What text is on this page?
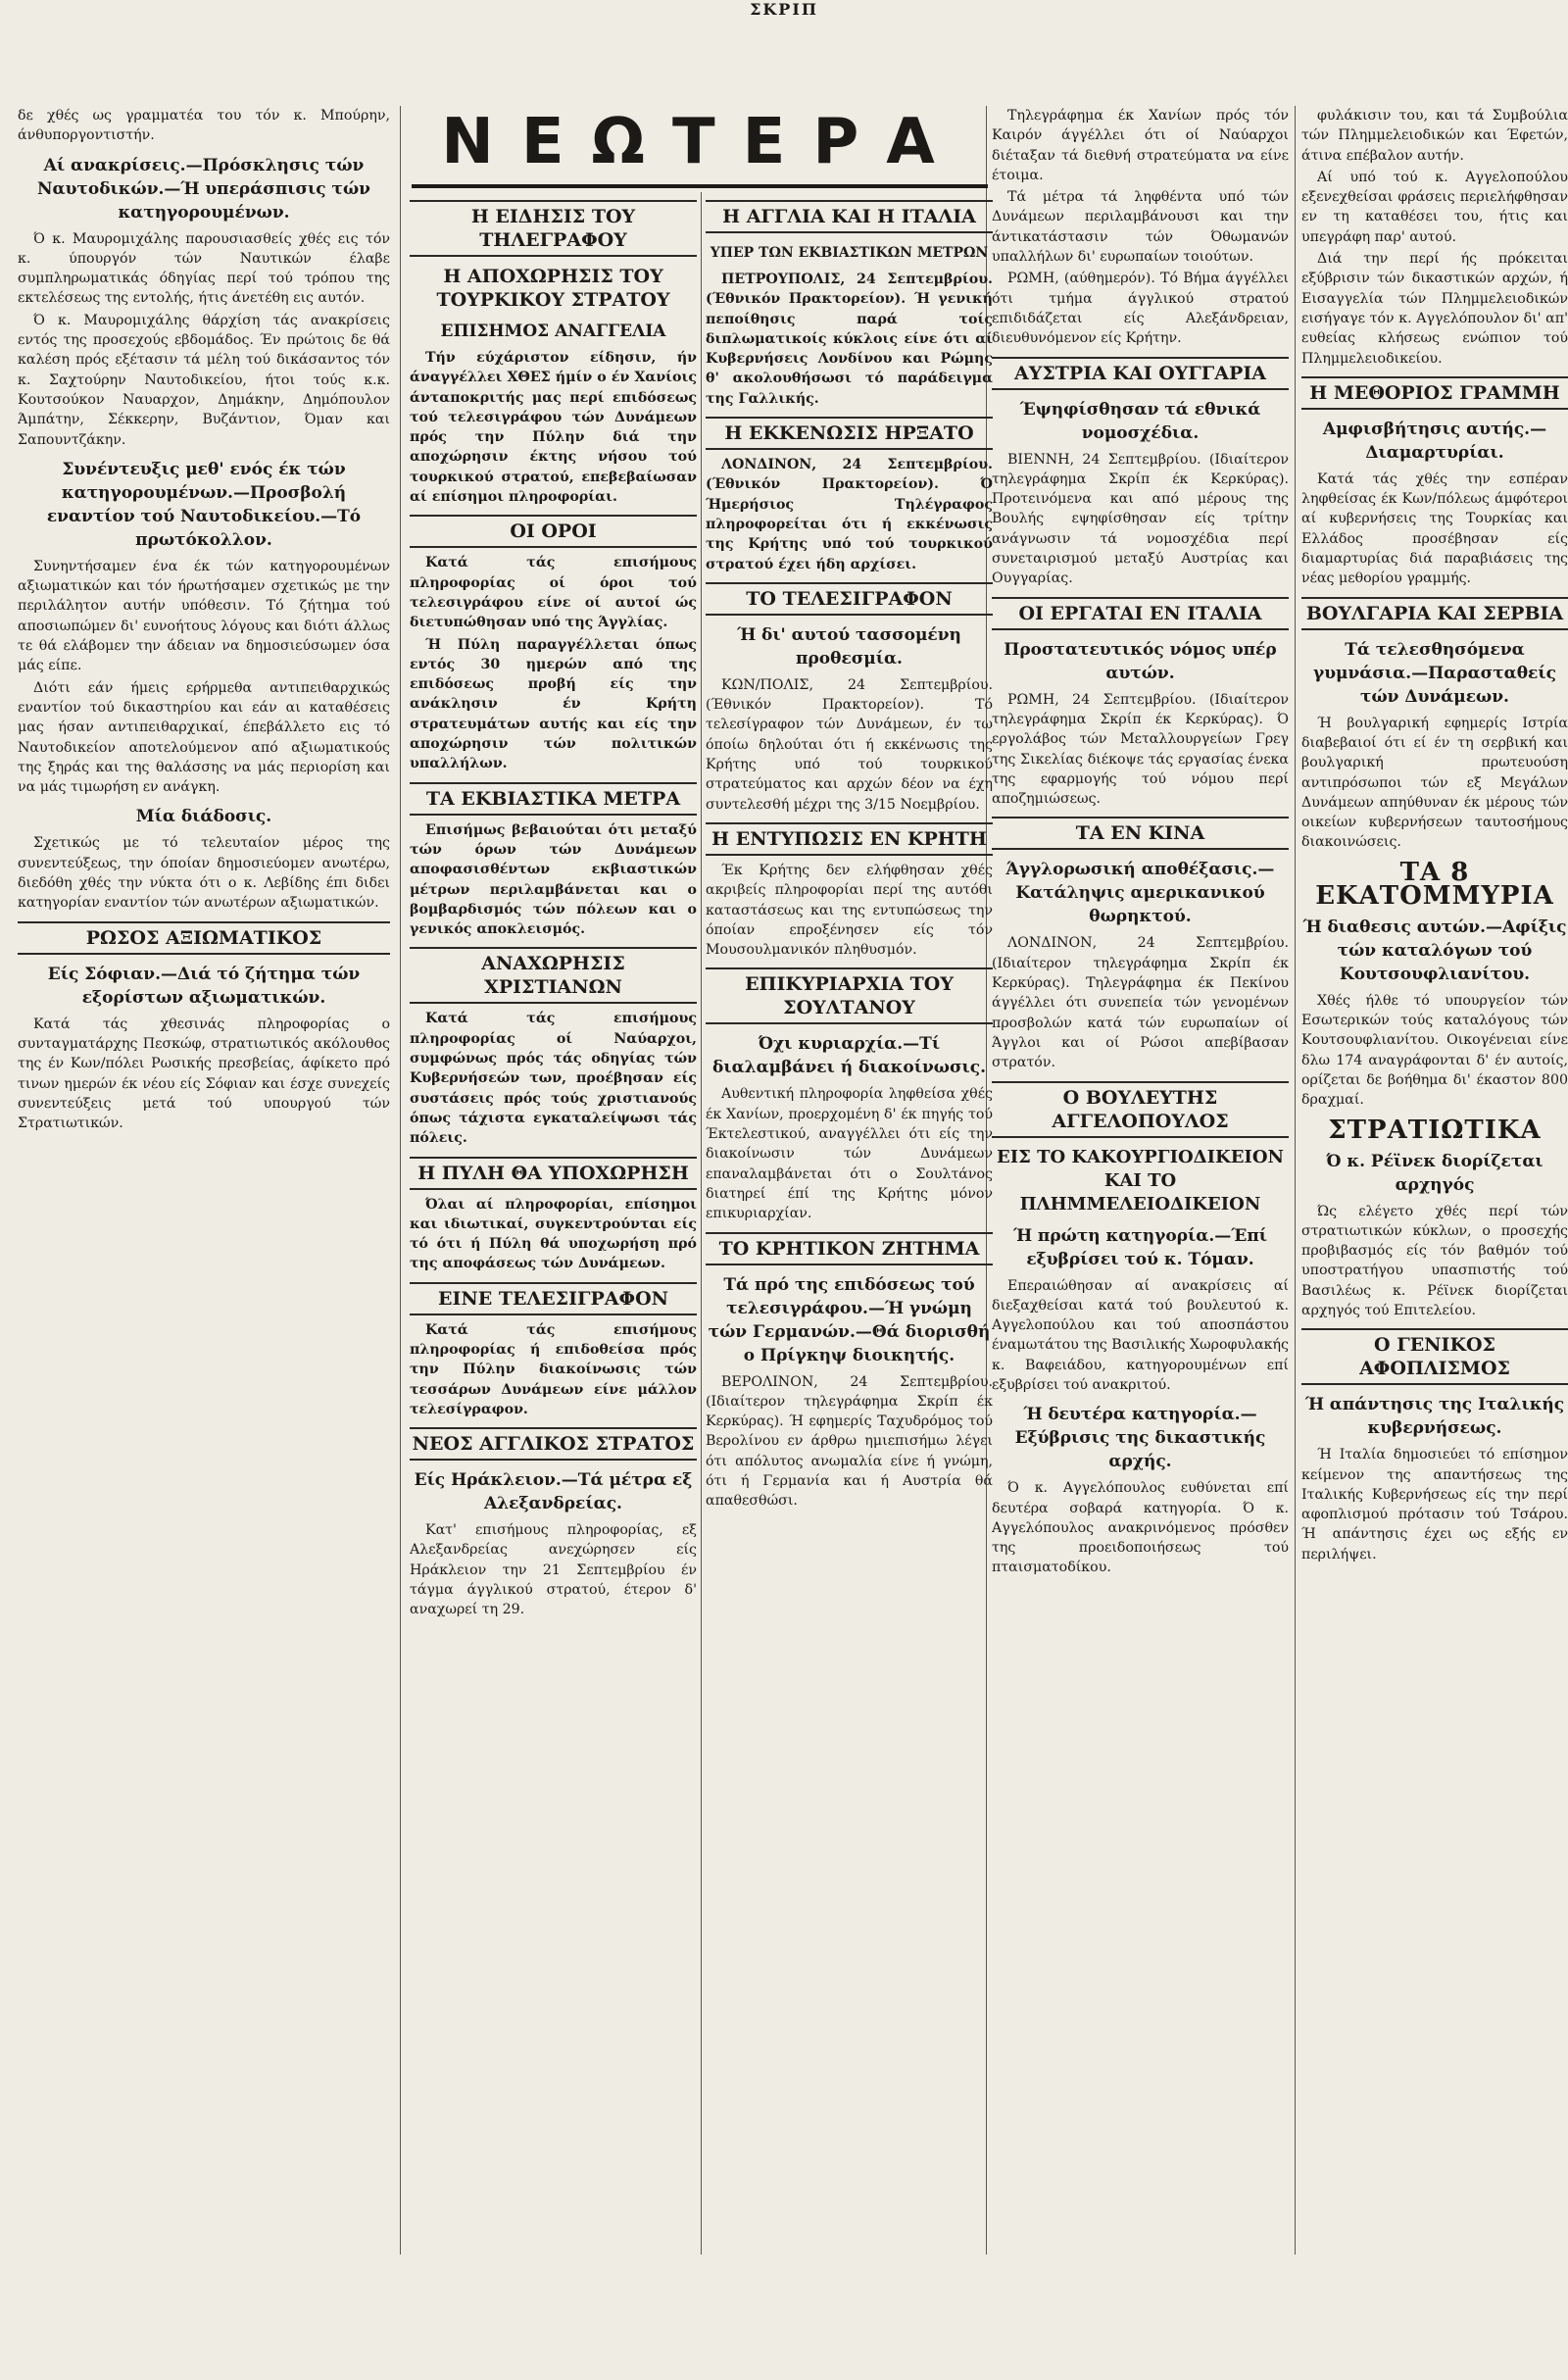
ΣΚΡΙΠ
ΝΕΩΤΕΡΑ

δε χθές ως γραμματέα του τόν κ. Μπούρην, άνθυποργοντιστήν.

Αί ανακρίσεις.—Πρόσκλησις τών Ναυτοδικών.—Ή υπεράσπισις τών κατηγορουμένων.

Ό κ. Μαυρομιχάλης παρουσιασθείς χθές εις τόν κ. ύπουργόν τών Ναυτικών έλαβε συμπληρωματικάς όδηγίας περί τού τρόπου της εκτελέσεως της εντολής, ήτις άνετέθη εις αυτόν.

Ό κ. Μαυρομιχάλης θάρχίση τάς ανακρίσεις εντός της προσεχούς εβδομάδος. Έν πρώτοις δε θά καλέση πρός εξέτασιν τά μέλη τού δικάσαντος τόν κ. Σαχτούρην Ναυτοδικείου, ήτοι τούς κ.κ. Κουτσούκον Ναυαρχον, Δημάκην, Δημόπουλον Άμπάτην, Σέκκερην, Βυζάντιον, Όμαν και Σαπουντζάκην.

Συνέντευξις μεθ' ενός έκ τών κατηγορουμένων.—Προσβολή εναντίον τού Ναυτοδικείου.—Τό πρωτόκολλον.

Συνηντήσαμεν ένα έκ τών κατηγορουμένων αξιωματικών και τόν ήρωτήσαμεν σχετικώς με την περιλάλητον αυτήν υπόθεσιν. Τό ζήτημα τού αποσιωπώμεν δι' ευνοήτους λόγους και διότι άλλως τε θά ελάβομεν την άδειαν να δημοσιεύσωμεν όσα μάς είπε.

Διότι εάν ήμεις ερήρμεθα αντιπειθαρχικώς εναντίον τού δικαστηρίου και εάν αι καταθέσεις μας ήσαν αντιπειθαρχικαί, έπεβάλλετο εις τό Ναυτοδικείον αποτελούμενον από αξιωματικούς της ξηράς και της θαλάσσης να μάς περιορίση και να μάς τιμωρήση εν ανάγκη.

Μία διάδοσις.

Σχετικώς με τό τελευταίον μέρος της συνεντεύξεως, την όποίαν δημοσιεύομεν ανωτέρω, διεδόθη χθές την νύκτα ότι ο κ. Λεβίδης έπι διδει κατηγορίαν εναντίον τών ανωτέρων αξιωματικών.

ΡΩΣΟΣ ΑΞΙΩΜΑΤΙΚΟΣ
Είς Σόφιαν.—Διά τό ζήτημα τών εξορίστων αξιωματικών.

Κατά τάς χθεσινάς πληροφορίας ο συνταγματάρχης Πεσκώφ, στρατιωτικός ακόλουθος της έν Κων/πόλει Ρωσικής πρεσβείας, άφίκετο πρό τινων ημερών έκ νέου είς Σόφιαν και έσχε συνεχείς συνεντεύξεις μετά τού υπουργού τών Στρατιωτικών.

Η ΕΙΔΗΣΙΣ ΤΟΥ ΤΗΛΕΓΡΑΦΟΥ
Η ΑΠΟΧΩΡΗΣΙΣ ΤΟΥ ΤΟΥΡΚΙΚΟΥ ΣΤΡΑΤΟΥ
ΕΠΙΣΗΜΟΣ ΑΝΑΓΓΕΛΙΑ

Τήν εύχάριστον είδησιν, ήν άναγγέλλει ΧΘΕΣ ήμίν ο έν Χανίοις άνταποκριτής μας περί επιδόσεως τού τελεσιγράφου τών Δυνάμεων πρός την Πύλην διά την αποχώρησιν έκτης νήσου τού τουρκικού στρατού, επεβεβαίωσαν αί επίσημοι πληροφορίαι.

ΟΙ ΟΡΟΙ

Κατά τάς επισήμους πληροφορίας οί όροι τού τελεσιγράφου είνε οί αυτοί ώς διετυπώθησαν υπό της Άγγλίας.

Ή Πύλη παραγγέλλεται όπως εντός 30 ημερών από της επιδόσεως προβή είς την ανάκλησιν έν Κρήτη στρατευμάτων αυτής και είς την αποχώρησιν τών πολιτικών υπαλλήλων.

ΤΑ ΕΚΒΙΑΣΤΙΚΑ ΜΕΤΡΑ

Επισήμως βεβαιούται ότι μεταξύ τών όρων τών Δυνάμεων αποφασισθέντων εκβιαστικών μέτρων περιλαμβάνεται και ο βομβαρδισμός τών πόλεων και ο γενικός αποκλεισμός.

ΑΝΑΧΩΡΗΣΙΣ ΧΡΙΣΤΙΑΝΩΝ

Κατά τάς επισήμους πληροφορίας οί Ναύαρχοι, συμφώνως πρός τάς οδηγίας τών Κυβερνήσεών των, προέβησαν είς συστάσεις πρός τούς χριστιανούς όπως τάχιστα εγκαταλείψωσι τάς πόλεις.

Η ΠΥΛΗ ΘΑ ΥΠΟΧΩΡΗΣΗ

Όλαι αί πληροφορίαι, επίσημοι και ιδιωτικαί, συγκεντρούνται είς τό ότι ή Πύλη θά υποχωρήση πρό της αποφάσεως τών Δυνάμεων.

ΕΙΝΕ ΤΕΛΕΣΙΓΡΑΦΟΝ

Κατά τάς επισήμους πληροφορίας ή επιδοθείσα πρός την Πύλην διακοίνωσις τών τεσσάρων Δυνάμεων είνε μάλλον τελεσίγραφον.

ΝΕΟΣ ΑΓΓΛΙΚΟΣ ΣΤΡΑΤΟΣ
Είς Ηράκλειον.—Τά μέτρα εξ Αλεξανδρείας.

Κατ' επισήμους πληροφορίας, εξ Αλεξανδρείας ανεχώρησεν είς Ηράκλειον την 21 Σεπτεμβρίου έν τάγμα άγγλικού στρατού, έτερον δ' αναχωρεί τη 29.

Η ΑΓΓΛΙΑ ΚΑΙ Η ΙΤΑΛΙΑ
ΥΠΕΡ ΤΩΝ ΕΚΒΙΑΣΤΙΚΩΝ ΜΕΤΡΩΝ

ΠΕΤΡΟΥΠΟΛΙΣ, 24 Σεπτεμβρίου. (Έθνικόν Πρακτορείον). Ή γενική πεποίθησις παρά τοίς διπλωματικοίς κύκλοις είνε ότι αί Κυβερνήσεις Λονδίνου και Ρώμης θ' ακολουθήσωσι τό παράδειγμα της Γαλλικής.

Η ΕΚΚΕΝΩΣΙΣ ΗΡΞΑΤΟ

ΛΟΝΔΙΝΟΝ, 24 Σεπτεμβρίου. (Έθνικόν Πρακτορείον). Ό Ήμερήσιος Τηλέγραφος πληροφορείται ότι ή εκκένωσις της Κρήτης υπό τού τουρκικού στρατού έχει ήδη αρχίσει.

ΤΟ ΤΕΛΕΣΙΓΡΑΦΟΝ
Ή δι' αυτού τασσομένη προθεσμία.

ΚΩΝ/ΠΟΛΙΣ, 24 Σεπτεμβρίου. (Έθνικόν Πρακτορείον). Τό τελεσίγραφον τών Δυνάμεων, έν τω όποίω δηλούται ότι ή εκκένωσις της Κρήτης υπό τού τουρκικού στρατεύματος και αρχών δέον να έχη συντελεσθή μέχρι της 3/15 Νοεμβρίου.

Η ΕΝΤΥΠΩΣΙΣ ΕΝ ΚΡΗΤΗ

Έκ Κρήτης δεν ελήφθησαν χθές ακριβείς πληροφορίαι περί της αυτόθι καταστάσεως και της εντυπώσεως την όποίαν επροξένησεν είς τόν Μουσουλμανικόν πληθυσμόν.

ΕΠΙΚΥΡΙΑΡΧΙΑ ΤΟΥ ΣΟΥΛΤΑΝΟΥ
Όχι κυριαρχία.—Τί διαλαμβάνει ή διακοίνωσις.

Αυθεντική πληροφορία ληφθείσα χθές έκ Χανίων, προερχομένη δ' έκ πηγής τού Έκτελεστικού, αναγγέλλει ότι είς την διακοίνωσιν τών Δυνάμεων επαναλαμβάνεται ότι ο Σουλτάνος διατηρεί έπί της Κρήτης μόνον επικυριαρχίαν.

ΤΟ ΚΡΗΤΙΚΟΝ ΖΗΤΗΜΑ
Τά πρό της επιδόσεως τού τελεσιγράφου.—Ή γνώμη τών Γερμανών.—Θά διορισθή ο Πρίγκηψ διοικητής.

ΒΕΡΟΛΙΝΟΝ, 24 Σεπτεμβρίου. (Ιδιαίτερον τηλεγράφημα Σκρίπ έκ Κερκύρας). Ή εφημερίς Ταχυδρόμος τού Βερολίνου εν άρθρω ημιεπισήμω λέγει ότι απόλυτος ανωμαλία είνε ή γνώμη, ότι ή Γερμανία και ή Αυστρία θά απαθεσθώσι.

Τηλεγράφημα έκ Χανίων πρός τόν Καιρόν άγγέλλει ότι οί Ναύαρχοι διέταξαν τά διεθνή στρατεύματα να είνε έτοιμα.

Τά μέτρα τά ληφθέντα υπό τών Δυνάμεων περιλαμβάνουσι και την άντικατάστασιν τών Όθωμανών υπαλλήλων δι' ευρωπαίων τοιούτων.

ΡΩΜΗ, (αύθημερόν). Τό Βήμα άγγέλλει ότι τμήμα άγγλικού στρατού επιδιδάζεται είς Αλεξάνδρειαν, διευθυνόμενον είς Κρήτην.

ΑΥΣΤΡΙΑ ΚΑΙ ΟΥΓΓΑΡΙΑ
Έψηφίσθησαν τά εθνικά νομοσχέδια.

ΒΙΕΝΝΗ, 24 Σεπτεμβρίου. (Ιδιαίτερον τηλεγράφημα Σκρίπ έκ Κερκύρας). Προτεινόμενα και από μέρους της Βουλής εψηφίσθησαν είς τρίτην ανάγνωσιν τά νομοσχέδια περί συνεταιρισμού μεταξύ Αυστρίας και Ουγγαρίας.

ΟΙ ΕΡΓΑΤΑΙ ΕΝ ΙΤΑΛΙΑ
Προστατευτικός νόμος υπέρ αυτών.

ΡΩΜΗ, 24 Σεπτεμβρίου. (Ιδιαίτερον τηλεγράφημα Σκρίπ έκ Κερκύρας). Ό εργολάβος τών Μεταλλουργείων Γρεγ της Σικελίας διέκοψε τάς εργασίας ένεκα της εφαρμογής τού νόμου περί αποζημιώσεως.

ΤΑ ΕΝ ΚΙΝΑ
Άγγλορωσική αποθέξασις.—Κατάληψις αμερικανικού θωρηκτού.

ΛΟΝΔΙΝΟΝ, 24 Σεπτεμβρίου. (Ιδιαίτερον τηλεγράφημα Σκρίπ έκ Κερκύρας). Τηλεγράφημα έκ Πεκίνου άγγέλλει ότι συνεπεία τών γενομένων προσβολών κατά τών ευρωπαίων οί Άγγλοι και οί Ρώσοι απεβίβασαν στρατόν.

Ο ΒΟΥΛΕΥΤΗΣ ΑΓΓΕΛΟΠΟΥΛΟΣ
ΕΙΣ ΤΟ ΚΑΚΟΥΡΓΙΟΔΙΚΕΙΟΝ ΚΑΙ ΤΟ ΠΛΗΜΜΕΛΕΙΟΔΙΚΕΙΟΝ
Ή πρώτη κατηγορία.—Έπί εξυβρίσει τού κ. Τόμαν.

Επεραιώθησαν αί ανακρίσεις αί διεξαχθείσαι κατά τού βουλευτού κ. Αγγελοπούλου και τού αποσπάστου έναμωτάτου της Βασιλικής Χωροφυλακής κ. Βαφειάδου, κατηγορουμένων επί εξυβρίσει τού ανακριτού.

Ή δευτέρα κατηγορία.—Εξύβρισις της δικαστικής αρχής.

Ό κ. Αγγελόπουλος ευθύνεται επί δευτέρα σοβαρά κατηγορία. Ό κ. Αγγελόπουλος ανακρινόμενος πρόσθεν της προειδοποιήσεως τού πταισματοδίκου.

φυλάκισιν του, και τά Συμβούλια τών Πλημμελειοδικών και Έφετών, άτινα επέβαλον αυτήν.

Αί υπό τού κ. Αγγελοπούλου εξενεχθείσαι φράσεις περιελήφθησαν εν τη καταθέσει του, ήτις και υπεγράφη παρ' αυτού.

Διά την περί ής πρόκειται εξύβρισιν τών δικαστικών αρχών, ή Εισαγγελία τών Πλημμελειοδικών εισήγαγε τόν κ. Αγγελόπουλον δι' απ' ευθείας κλήσεως ενώπιον τού Πλημμελειοδικείου.

Η ΜΕΘΟΡΙΟΣ ΓΡΑΜΜΗ
Αμφισβήτησις αυτής.—Διαμαρτυρίαι.

Κατά τάς χθές την εσπέραν ληφθείσας έκ Κων/πόλεως άμφότεροι αί κυβερνήσεις της Τουρκίας και Ελλάδος προσέβησαν είς διαμαρτυρίας διά παραβιάσεις της νέας μεθορίου γραμμής.

ΒΟΥΛΓΑΡΙΑ ΚΑΙ ΣΕΡΒΙΑ
Τά τελεσθησόμενα γυμνάσια.—Παρασταθείς τών Δυνάμεων.

Ή βουλγαρική εφημερίς Ιστρία διαβεβαιοί ότι εί έν τη σερβική και βουλγαρική πρωτευούση αντιπρόσωποι τών εξ Μεγάλων Δυνάμεων απηύθυναν έκ μέρους τών οικείων κυβερνήσεων ταυτοσήμους διακοινώσεις.

ΤΑ 8 ΕΚΑΤΟΜΜΥΡΙΑ
Ή διαθεσις αυτών.—Αφίξις τών καταλόγων τού Κουτσουφλιανίτου.

Χθές ήλθε τό υπουργείον τών Εσωτερικών τούς καταλόγους τών Κουτσουφλιανίτου. Οικογένειαι είνε δλω 174 αναγράφονται δ' έν αυτοίς, ορίζεται δε βοήθημα δι' έκαστον 800 δραχμαί.

ΣΤΡΑΤΙΩΤΙΚΑ
Ό κ. Ρέϊνεκ διορίζεται αρχηγός

Ώς ελέγετο χθές περί τών στρατιωτικών κύκλων, ο προσεχής προβιβασμός είς τόν βαθμόν τού υποστρατήγου υπασπιστής τού Βασιλέως κ. Ρέϊνεκ διορίζεται αρχηγός τού Επιτελείου.

Ο ΓΕΝΙΚΟΣ ΑΦΟΠΛΙΣΜΟΣ
Ή απάντησις της Ιταλικής κυβερνήσεως.

Ή Ιταλία δημοσιεύει τό επίσημον κείμενον της απαντήσεως της Ιταλικής Κυβερνήσεως είς την περί αφοπλισμού πρότασιν τού Τσάρου. Ή απάντησις έχει ως εξής εν περιλήψει.
